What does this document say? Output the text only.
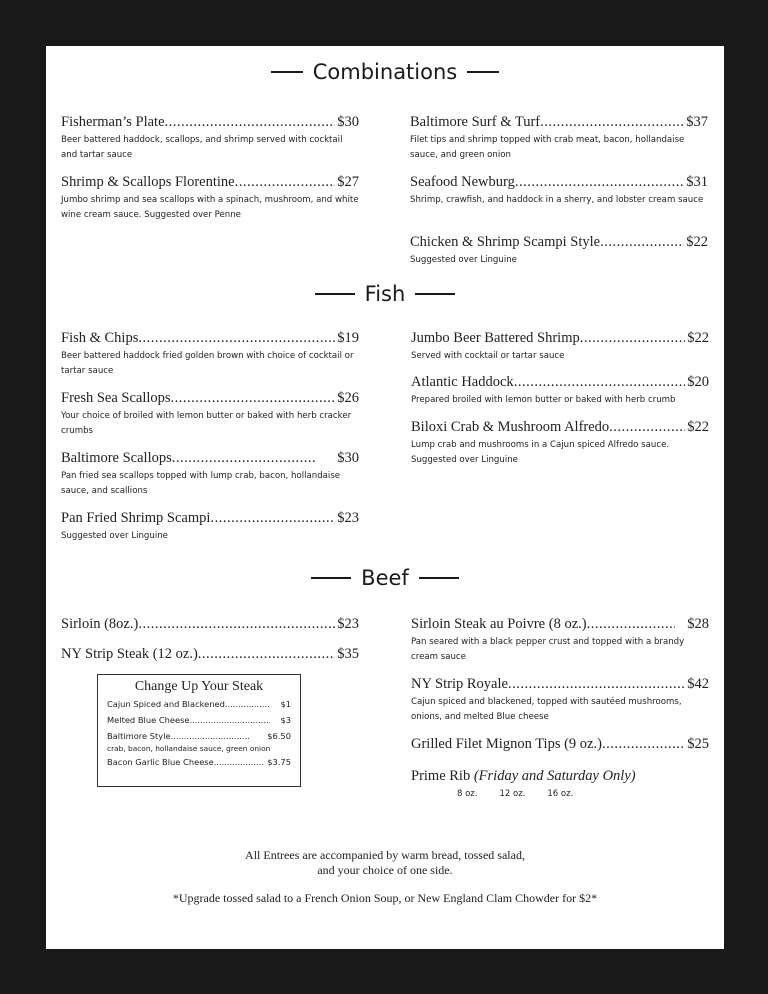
Combinations
Fisherman’s Plate .....	$30
Beer battered haddock, scallops, and shrimp served with cocktail and tartar sauce
Shrimp & Scallops Florentine .....	$27
Jumbo shrimp and sea scallops with a spinach, mushroom, and white wine cream sauce. Suggested over Penne
Baltimore Surf & Turf .....	$37
Filet tips and shrimp topped with crab meat, bacon, hollandaise sauce, and green onion
Seafood Newburg .....	$31
Shrimp, crawfish, and haddock in a sherry, and lobster cream sauce
Chicken & Shrimp Scampi Style .....	$22
Suggested over Linguine
Fish
Fish & Chips .....	$19
Beer battered haddock fried golden brown with choice of cocktail or tartar sauce
Fresh Sea Scallops .....	$26
Your choice of broiled with lemon butter or baked with herb cracker crumbs
Baltimore Scallops .....	$30
Pan fried sea scallops topped with lump crab, bacon, hollandaise sauce, and scallions
Pan Fried Shrimp Scampi .....	$23
Suggested over Linguine
Jumbo Beer Battered Shrimp .....	$22
Served with cocktail or tartar sauce
Atlantic Haddock .....	$20
Prepared broiled with lemon butter or baked with herb crumb
Biloxi Crab & Mushroom Alfredo .....	$22
Lump crab and mushrooms in a Cajun spiced Alfredo sauce. Suggested over Linguine
Beef
Sirloin (8oz.) .....	$23
NY Strip Steak (12 oz.) .....	$35
Change Up Your Steak
Cajun Spiced and Blackened .....	$1
Melted Blue Cheese .....	$3
Baltimore Style .....	$6.50
crab, bacon, hollandaise sauce, green onion
Bacon Garlic Blue Cheese .....	$3.75
Sirloin Steak au Poivre (8 oz.) .....	$28
Pan seared with a black pepper crust and topped with a brandy cream sauce
NY Strip Royale .....	$42
Cajun spiced and blackened, topped with sautéed mushrooms, onions, and melted Blue cheese
Grilled Filet Mignon Tips (9 oz.) .....	$25
Prime Rib
(Friday and Saturday Only)
8 oz.	12 oz.	16 oz.
All Entrees are accompanied by warm bread, tossed salad,
and your choice of one side.
*Upgrade tossed salad to a French Onion Soup, or New England Clam Chowder for $2*
